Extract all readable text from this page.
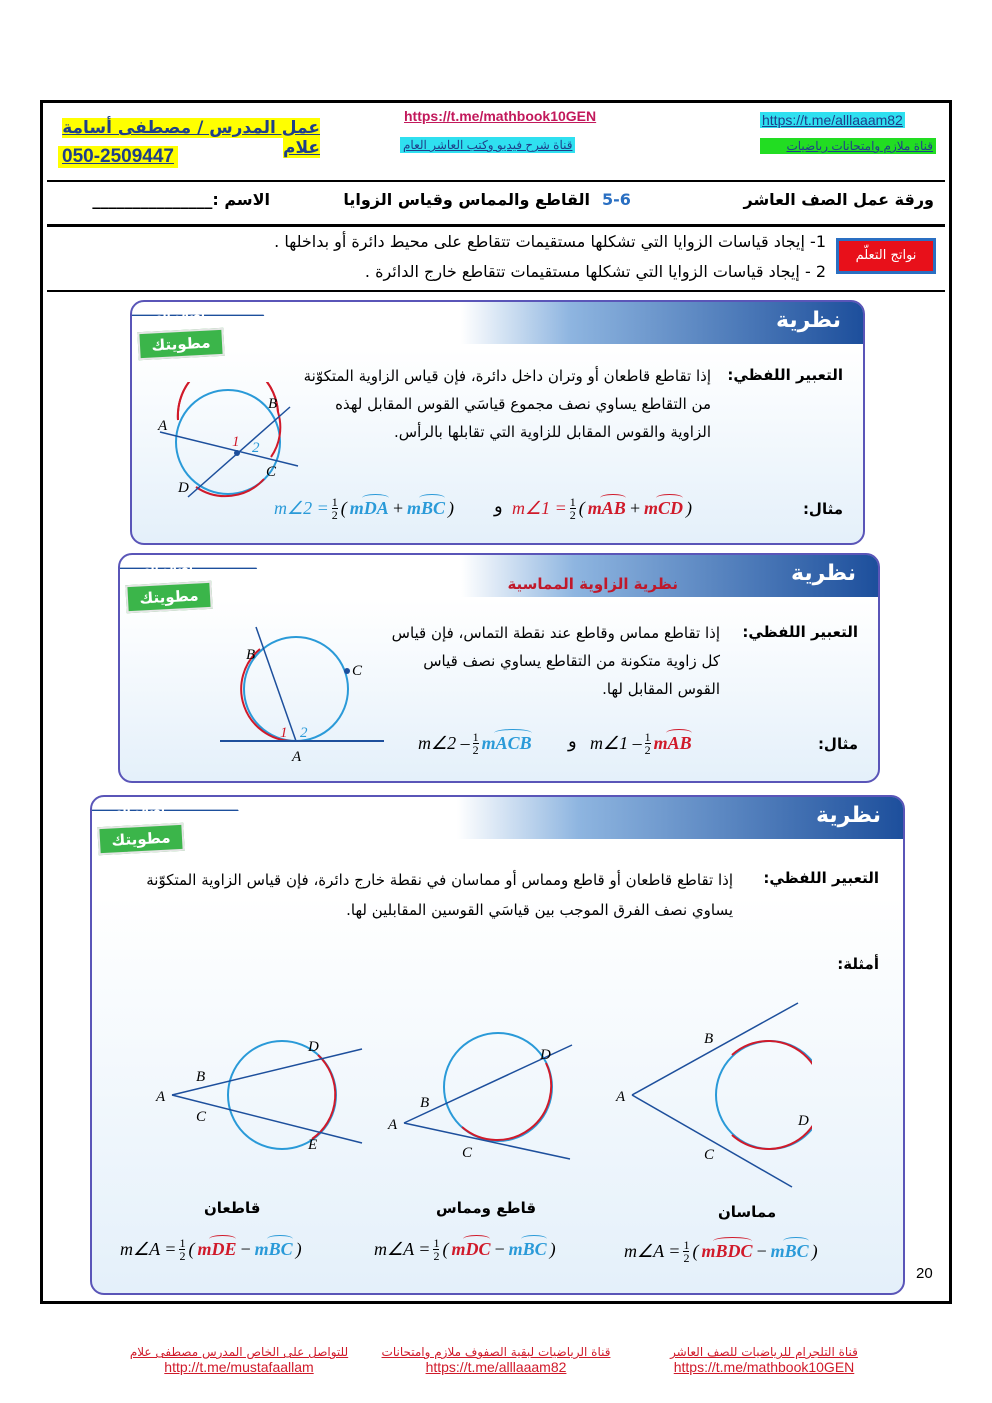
عمل المدرس / مصطفى أسامة علام
050-2509447
https://t.me/mathbook10GEN
قناة شرح فيديو وكتب العاشر العام
https://t.me/alllaaam82
قناة ملازم وامتحانات رياضيات
ورقة عمل الصف العاشر
5-6
القاطع والمماس وقياس الزوايا
الاسم :_______________
نواتج التعلّم
1- إيجاد قياسات الزوايا التي تشكلها مستقيمات تتقاطع على محيط دائرة أو بداخلها .
2 - إيجاد قياسات الزوايا التي تشكلها مستقيمات تتقاطع خارج الدائرة .
نظرية
أضف إلى
مطويتك
التعبير اللفظي:
إذا تقاطع قاطعان أو وتران داخل دائرة، فإن قياس الزاوية المتكوّنة من التقاطع يساوي نصف مجموع قياسَي القوس المقابل لهذه الزاوية والقوس المقابل للزاوية التي تقابلها بالرأس.
مثال:
A
B
C
D
1 2
m∠2 = $\frac{1}{2}$ ( mDA + mBC ) و m∠1 = $\frac{1}{2}$ ( mAB + mCD )
نظرية
نظرية الزاوية المماسية
أضف إلى
مطويتك
التعبير اللفظي:
إذا تقاطع مماس وقاطع عند نقطة التماس، فإن قياس كل زاوية متكونة من التقاطع يساوي نصف قياس القوس المقابل لها.
مثال:
B
C
A
1 2	m∠2 – 1
2 mACB و m∠1 – 1
2 mAB
نظرية
أضف إلى
مطويتك
التعبير اللفظي:
إذا تقاطع قاطعان أو قاطع ومماس أو مماسان في نقطة خارج دائرة، فإن قياس الزاوية المتكوّنة يساوي نصف الفرق الموجب بين قياسَي القوسين المقابلين لها.
أمثلة:
A
B
C
D
E
A
B
C
D
A
B
C
D
قاطعان	قاطع ومماس	مماسان
m∠A = $\frac{1}{2}$ ( mDE − mBC )	m∠A = $\frac{1}{2}$ ( mDC − mBC )	m∠A = $\frac{1}{2}$ ( mBDC − mBC )
20
للتواصل على الخاص المدرس مصطفى علام
http://t.me/mustafaallam
قناة الرياضيات لبقية الصفوف ملازم وامتحانات
https://t.me/alllaaam82
قناة التلجرام للرياضيات للصف العاشر
https://t.me/mathbook10GEN
